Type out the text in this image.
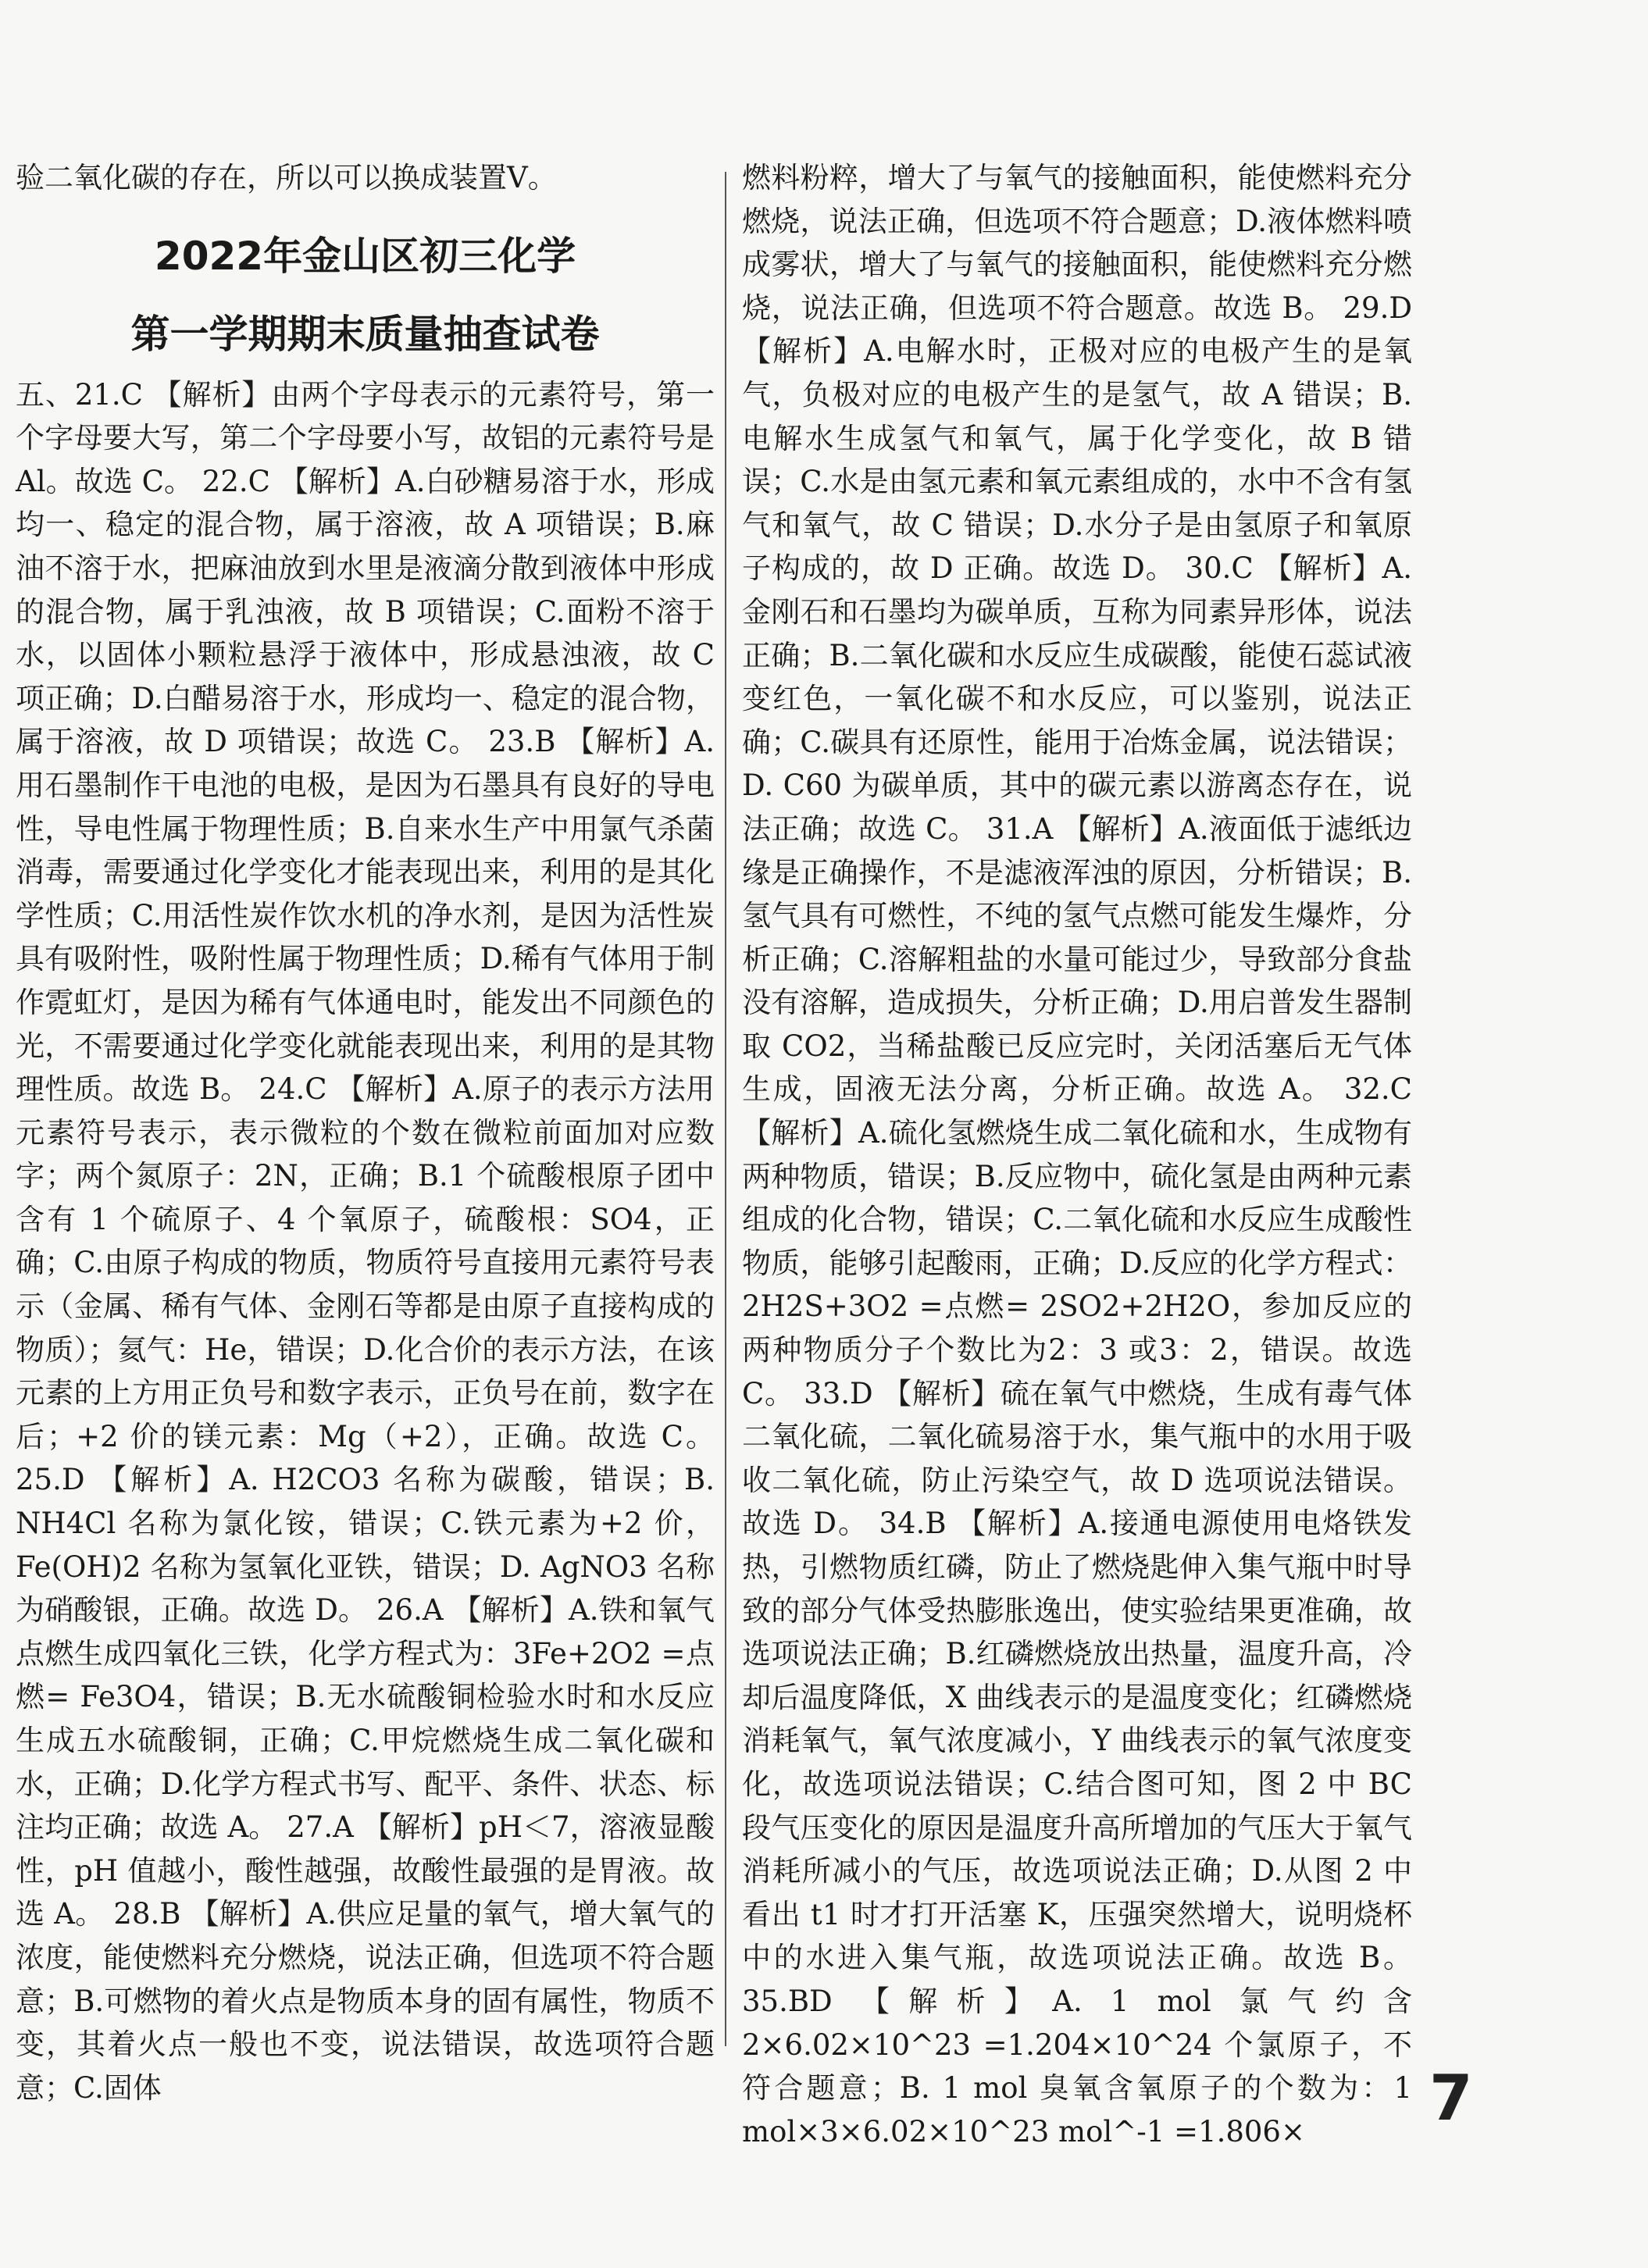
验二氧化碳的存在，所以可以换成装置Ⅴ。

2022年金山区初三化学
第一学期期末质量抽查试卷

五、21.C 【解析】由两个字母表示的元素符号，第一个字母要大写，第二个字母要小写，故铝的元素符号是 Al。故选 C。 22.C 【解析】A.白砂糖易溶于水，形成均一、稳定的混合物，属于溶液，故 A 项错误；B.麻油不溶于水，把麻油放到水里是液滴分散到液体中形成的混合物，属于乳浊液，故 B 项错误；C.面粉不溶于水，以固体小颗粒悬浮于液体中，形成悬浊液，故 C 项正确；D.白醋易溶于水，形成均一、稳定的混合物，属于溶液，故 D 项错误；故选 C。 23.B 【解析】A.用石墨制作干电池的电极，是因为石墨具有良好的导电性，导电性属于物理性质；B.自来水生产中用氯气杀菌消毒，需要通过化学变化才能表现出来，利用的是其化学性质；C.用活性炭作饮水机的净水剂，是因为活性炭具有吸附性，吸附性属于物理性质；D.稀有气体用于制作霓虹灯，是因为稀有气体通电时，能发出不同颜色的光，不需要通过化学变化就能表现出来，利用的是其物理性质。故选 B。 24.C 【解析】A.原子的表示方法用元素符号表示，表示微粒的个数在微粒前面加对应数字；两个氮原子：2N，正确；B.1 个硫酸根原子团中含有 1 个硫原子、4 个氧原子，硫酸根：SO4，正确；C.由原子构成的物质，物质符号直接用元素符号表示（金属、稀有气体、金刚石等都是由原子直接构成的物质）；氦气：He，错误；D.化合价的表示方法，在该元素的上方用正负号和数字表示，正负号在前，数字在后；+2 价的镁元素：Mg（+2），正确。故选 C。 25.D 【解析】A. H2CO3 名称为碳酸，错误；B. NH4Cl 名称为氯化铵，错误；C.铁元素为+2 价，Fe(OH)2 名称为氢氧化亚铁，错误；D. AgNO3 名称为硝酸银，正确。故选 D。 26.A 【解析】A.铁和氧气点燃生成四氧化三铁，化学方程式为：3Fe+2O2 =点燃= Fe3O4，错误；B.无水硫酸铜检验水时和水反应生成五水硫酸铜，正确；C.甲烷燃烧生成二氧化碳和水，正确；D.化学方程式书写、配平、条件、状态、标注均正确；故选 A。 27.A 【解析】pH＜7，溶液显酸性，pH 值越小，酸性越强，故酸性最强的是胃液。故选 A。 28.B 【解析】A.供应足量的氧气，增大氧气的浓度，能使燃料充分燃烧，说法正确，但选项不符合题意；B.可燃物的着火点是物质本身的固有属性，物质不变，其着火点一般也不变，说法错误，故选项符合题意；C.固体

燃料粉粹，增大了与氧气的接触面积，能使燃料充分燃烧，说法正确，但选项不符合题意；D.液体燃料喷成雾状，增大了与氧气的接触面积，能使燃料充分燃烧，说法正确，但选项不符合题意。故选 B。 29.D 【解析】A.电解水时，正极对应的电极产生的是氧气，负极对应的电极产生的是氢气，故 A 错误；B.电解水生成氢气和氧气，属于化学变化，故 B 错误；C.水是由氢元素和氧元素组成的，水中不含有氢气和氧气，故 C 错误；D.水分子是由氢原子和氧原子构成的，故 D 正确。故选 D。 30.C 【解析】A.金刚石和石墨均为碳单质，互称为同素异形体，说法正确；B.二氧化碳和水反应生成碳酸，能使石蕊试液变红色，一氧化碳不和水反应，可以鉴别，说法正确；C.碳具有还原性，能用于冶炼金属，说法错误；D. C60 为碳单质，其中的碳元素以游离态存在，说法正确；故选 C。 31.A 【解析】A.液面低于滤纸边缘是正确操作，不是滤液浑浊的原因，分析错误；B.氢气具有可燃性，不纯的氢气点燃可能发生爆炸，分析正确；C.溶解粗盐的水量可能过少，导致部分食盐没有溶解，造成损失，分析正确；D.用启普发生器制取 CO2，当稀盐酸已反应完时，关闭活塞后无气体生成，固液无法分离，分析正确。故选 A。 32.C 【解析】A.硫化氢燃烧生成二氧化硫和水，生成物有两种物质，错误；B.反应物中，硫化氢是由两种元素组成的化合物，错误；C.二氧化硫和水反应生成酸性物质，能够引起酸雨，正确；D.反应的化学方程式：2H2S+3O2 =点燃= 2SO2+2H2O，参加反应的两种物质分子个数比为2：3 或3：2，错误。故选 C。 33.D 【解析】硫在氧气中燃烧，生成有毒气体二氧化硫，二氧化硫易溶于水，集气瓶中的水用于吸收二氧化硫，防止污染空气，故 D 选项说法错误。故选 D。 34.B 【解析】A.接通电源使用电烙铁发热，引燃物质红磷，防止了燃烧匙伸入集气瓶中时导致的部分气体受热膨胀逸出，使实验结果更准确，故选项说法正确；B.红磷燃烧放出热量，温度升高，冷却后温度降低，X 曲线表示的是温度变化；红磷燃烧消耗氧气，氧气浓度减小，Y 曲线表示的氧气浓度变化，故选项说法错误；C.结合图可知，图 2 中 BC 段气压变化的原因是温度升高所增加的气压大于氧气消耗所减小的气压，故选项说法正确；D.从图 2 中看出 t1 时才打开活塞 K，压强突然增大，说明烧杯中的水进入集气瓶，故选项说法正确。故选 B。 35.BD 【解析】A. 1 mol 氯气约含 2×6.02×10^23 =1.204×10^24 个氯原子，不符合题意；B. 1 mol 臭氧含氧原子的个数为：1 mol×3×6.02×10^23 mol^-1 =1.806×	7
